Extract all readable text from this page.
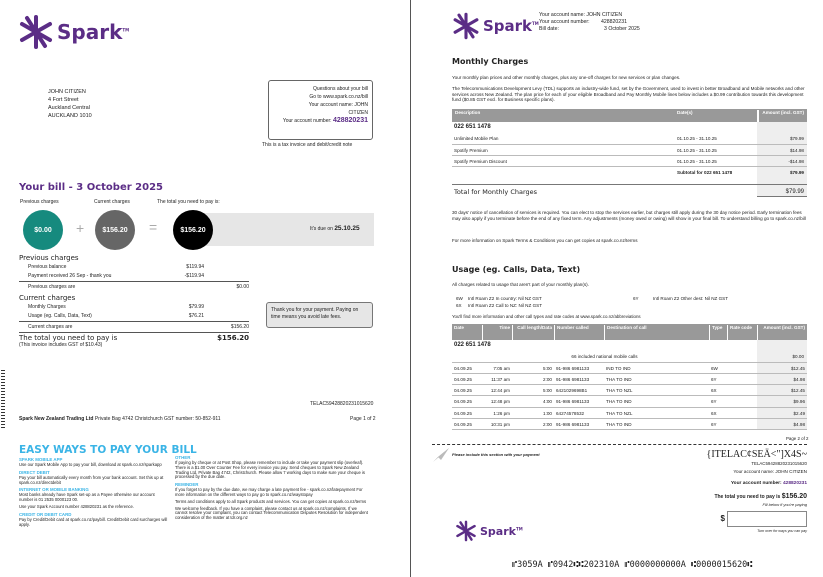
Spark™
JOHN CITIZEN
4 Fort Street
Auckland Central
AUCKLAND 1010
Questions about your bill
Go to www.spark.co.nz/bill
Your account name: JOHN
CITIZEN
Your account number: 428820231
This is a tax invoice and debit/credit note
Your bill - 3 October 2025
Previous charges	Current charges	The total you need to pay is:
It's due on 25.10.25
$0.00	+	$156.20	=	$156.20
Previous charges
Previous balance	$119.94
Payment received 26 Sep - thank you	-$119.94
Previous charges are	$0.00
Current charges
Monthly Charges	$79.99
Usage (eg. Calls, Data, Text)	$76.21
Current charges are	$156.20
The total you need to pay is	$156.20
(This invoice includes GST of $10.43)
Thank you for your payment. Paying on time means you avoid late fees.
TELAC59428820231015620
Spark New Zealand Trading Ltd Private Bag 4742 Christchurch GST number: 50-852-911	Page 1 of 2
EASY WAYS TO PAY YOUR BILL
SPARK MOBILE APP
Use our Spark Mobile App to pay your bill, download at spark.co.nz/sparkapp
DIRECT DEBIT
Pay your bill automatically every month from your bank account. Set this up at spark.co.nz/directdebit
INTERNET OR MOBILE BANKING
Most banks already have Spark set-up as a Payee otherwise our account number is 01 2535 0000123 00.
Use your Spark Account number 428820231 as the reference.
CREDIT OR DEBIT CARD
Pay by Credit/Debit card at spark.co.nz/paybill. Credit/Debit card surcharges will apply.
OTHER
If paying by cheque or at Post Shop, please remember to include or take your payment slip (overleaf). There is a $1.00 Over Counter Fee for every invoice you pay. Send cheques to Spark New Zealand Trading Ltd, Private Bag 4742, Christchurch. Please allow 7 working days to make sure your cheque is processed by the due date.
REMINDER
If you forget to pay by the due date, we may charge a late payment fee - spark.co.nz/latepayment For more information on the different ways to pay go to spark.co.nz/waystopay
Terms and conditions apply to all Spark products and services. You can get copies at spark.co.nz/terms
We welcome feedback. If you have a complaint, please contact us at spark.co.nz/complaints. If we cannot resolve your complaint, you can contact Telecommunication Disputes Resolution for independent consideration of the matter at tdr.org.nz
Spark™
Your account name: JOHN CITIZEN
Your account number:	428820231
Bill date:	3 October 2025
Monthly Charges
Your monthly plan prices and other monthly charges, plus any one-off charges for new services or plan changes.
The Telecommunications Development Levy (TDL) supports an industry-wide fund, set by the Government, used to invest in better Broadband and Mobile networks and other services across New Zealand. The plan price for each of your eligible Broadband and Pay Monthly Mobile lines below includes a $0.99 contribution towards this development fund ($0.85 GST excl. for Business specific plans).
Description	Date(s)	Amount (incl. GST)
022 651 1478
Unlimited Mobile Plan	01.10.25 - 31.10.25	$79.99
Spotify Premium	01.10.25 - 31.10.25	$14.98
Spotify Premium Discount	01.10.25 - 31.10.25	-$14.98
Subtotal for 022 651 1478	$79.99
Total for Monthly Charges	$79.99
30 days' notice of cancellation of services is required. You can elect to stop the services earlier, but charges still apply during the 30 day notice period. Early termination fees may also apply if you terminate before the end of any fixed term. Any adjustments (money owed or owing) will show in your final bill. To understand billing go to spark.co.nz/bill
For more information on Spark Terms & Conditions you can get copies at spark.co.nz/terms
Usage (eg. Calls, Data, Text)
All charges related to usage that aren't part of your monthly plan(s).
6W	Intl Roam Z2 In country: Nil NZ GST	6Y	Intl Roam Z2 Other dest: Nil NZ GST
6X	Intl Roam Z2 Call to NZ: Nil NZ GST
You'll find more information and other call types and rate codes at www.spark.co.nz/abbreviations
Date	Time	Call length/Data	Number called	Destination of call	Type	Rate code	Amount (incl. GST)
022 651 1478
66 included national mobile calls	$0.00
04.09.25	7:05 am	5:00 91-986 6981133	IND TO IND	6W	$12.45
04.09.25	11:37 am	2:00 91-986 6981133	THA TO IND	6Y	$4.98
04.09.25	12:44 pm	5:00 6421029698B1	THA TO NZL	6X	$12.45
04.09.25	12:48 pm	4:00 91-986 6981133	THA TO IND	6Y	$9.96
04.09.25	1:26 pm	1:00 64274578532	THA TO NZL	6X	$2.49
04.09.25	10:31 pm	2:00 91-986 6981133	THA TO IND	6Y	$4.98
Page 2 of 2
Please include this section with your payment	{ITELAC¢SEÄ<"]X4S~
TELAC59428820231015620
Your account name: JOHN CITIZEN
Your account number: 428820231
The total you need to pay is $156.20
Fill below if you're paying
$
Turn over for ways you can pay
Spark™
⑈3059A ⑈0942⑆⑆202310A ⑈0000000000A ⑆0000015620⑆
